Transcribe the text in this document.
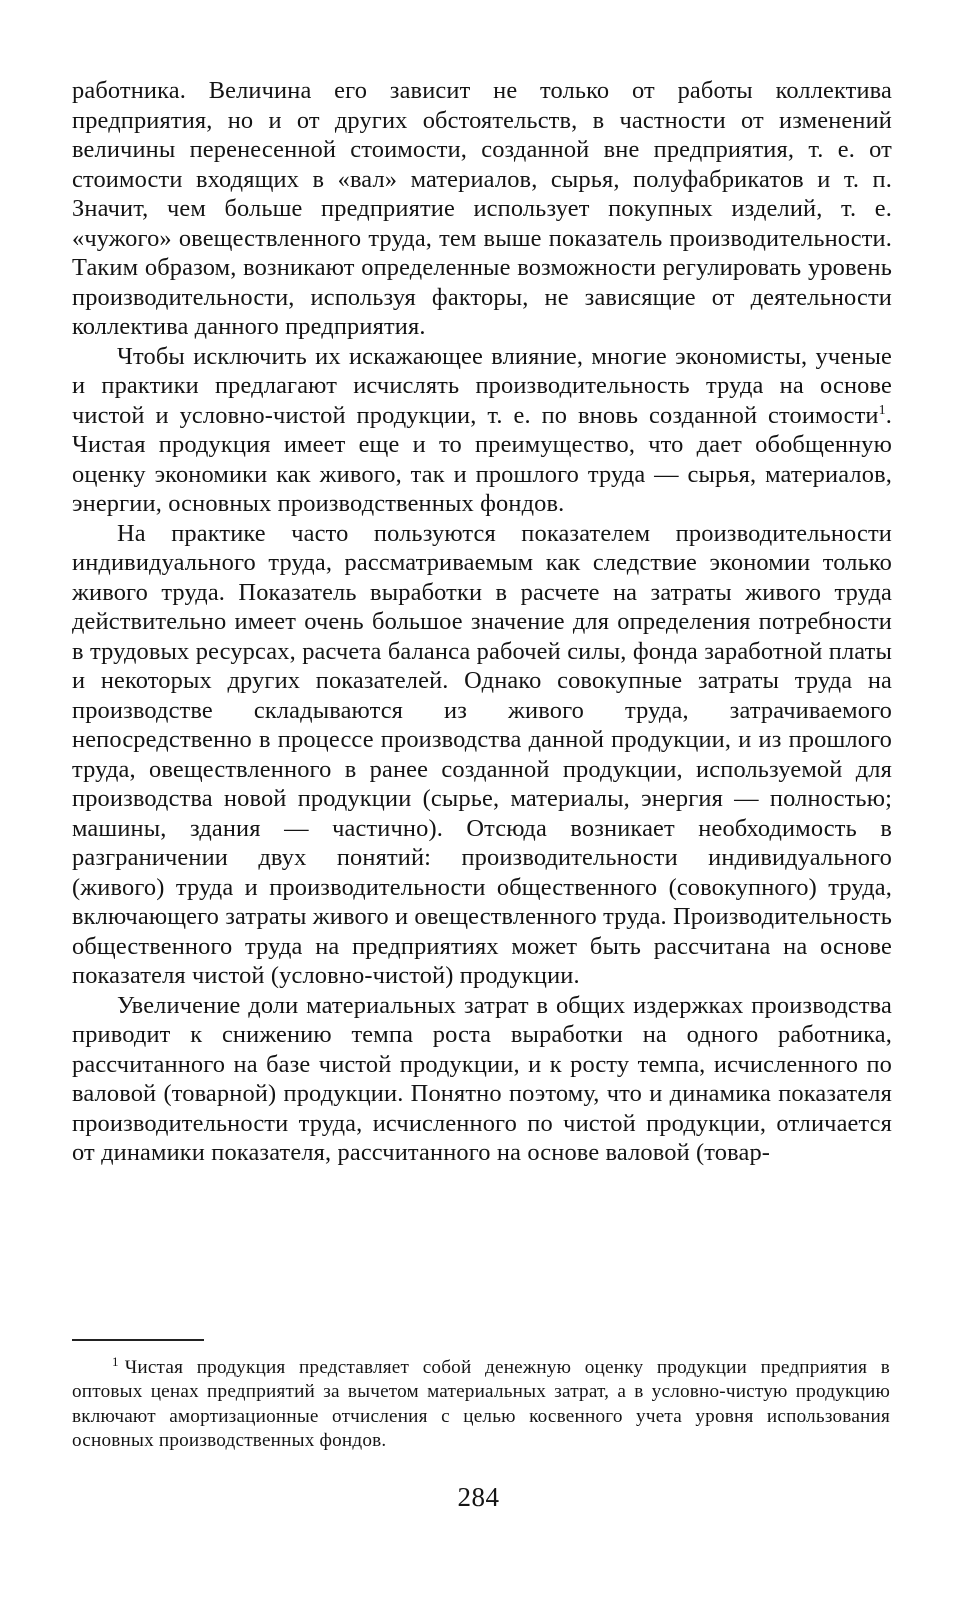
работника. Величина его зависит не только от работы коллектива предприятия, но и от других обстоятельств, в частности от изменений величины перенесенной стоимости, созданной вне предприятия, т. е. от стоимости входящих в «вал» материалов, сырья, полуфабрикатов и т. п. Значит, чем больше предприятие использует покупных изделий, т. е. «чужого» овеществленного труда, тем выше показатель производительности. Таким образом, возникают определенные возможности регулировать уровень производительности, используя факторы, не зависящие от деятельности коллектива данного предприятия.

Чтобы исключить их искажающее влияние, многие экономисты, ученые и практики предлагают исчислять производительность труда на основе чистой и условно-чистой продукции, т. е. по вновь созданной стоимости$^1$. Чистая продукция имеет еще и то преимущество, что дает обобщенную оценку экономики как живого, так и прошлого труда — сырья, материалов, энергии, основных производственных фондов.

На практике часто пользуются показателем производительности индивидуального труда, рассматриваемым как следствие экономии только живого труда. Показатель выработки в расчете на затраты живого труда действительно имеет очень большое значение для определения потребности в трудовых ресурсах, расчета баланса рабочей силы, фонда заработной платы и некоторых других показателей. Однако совокупные затраты труда на производстве складываются из живого труда, затрачиваемого непосредственно в процессе производства данной продукции, и из прошлого труда, овеществленного в ранее созданной продукции, используемой для производства новой продукции (сырье, материалы, энергия — полностью; машины, здания — частично). Отсюда возникает необходимость в разграничении двух понятий: производительности индивидуального (живого) труда и производительности общественного (совокупного) труда, включающего затраты живого и овеществленного труда. Производительность общественного труда на предприятиях может быть рассчитана на основе показателя чистой (условно-чистой) продукции.

Увеличение доли материальных затрат в общих издержках производства приводит к снижению темпа роста выработки на одного работника, рассчитанного на базе чистой продукции, и к росту темпа, исчисленного по валовой (товарной) продукции. Понятно поэтому, что и динамика показателя производительности труда, исчисленного по чистой продукции, отличается от динамики показателя, рассчитанного на основе валовой (товар-

$^1$ Чистая продукция представляет собой денежную оценку продукции предприятия в оптовых ценах предприятий за вычетом материальных затрат, а в условно-чистую продукцию включают амортизационные отчисления с целью косвенного учета уровня использования основных производственных фондов.

284
